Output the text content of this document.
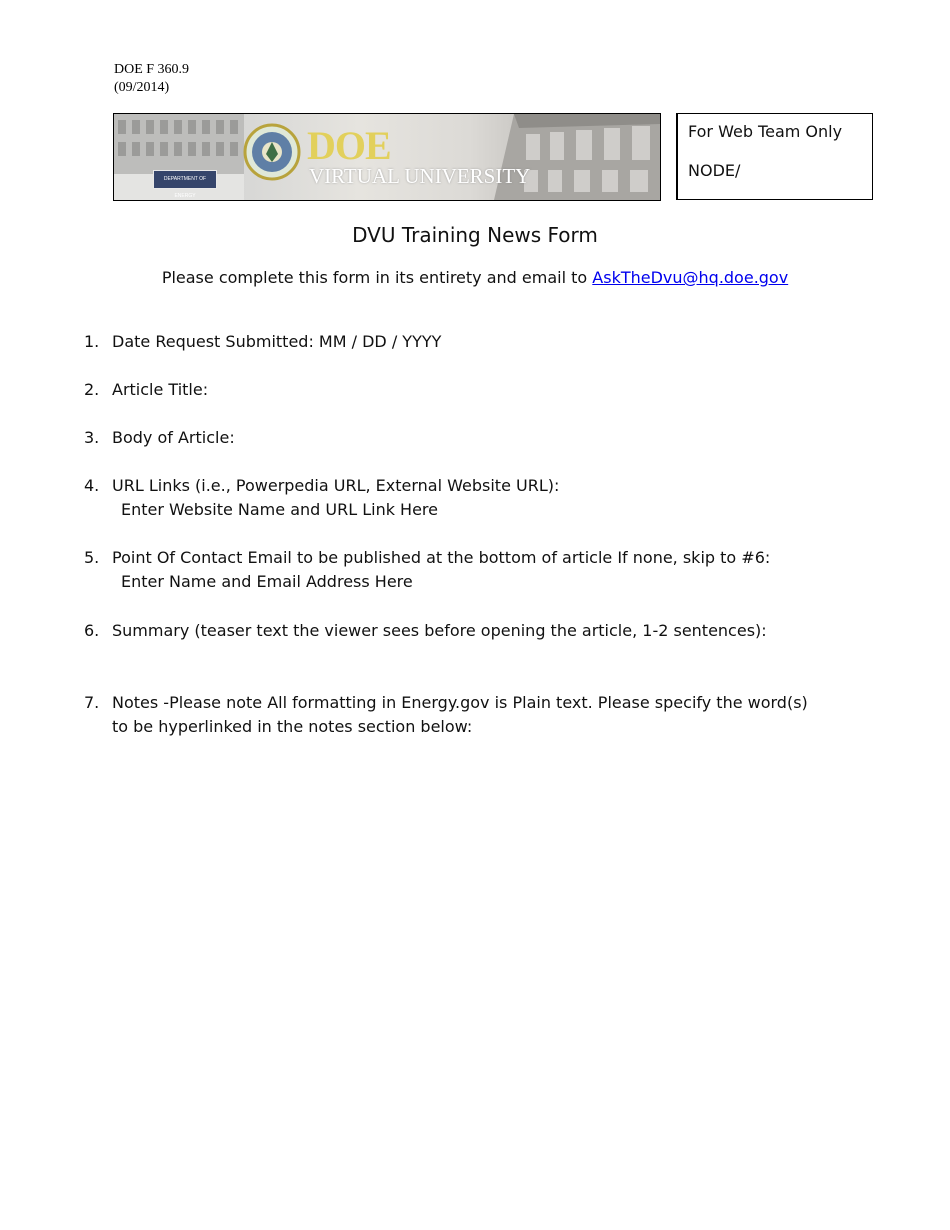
DOE F 360.9
(09/2014)
DEPARTMENT OF ENERGY
DOE
VIRTUAL UNIVERSITY
For Web Team Only
NODE/
DVU Training News Form
Please complete this form in its entirety and email to AskTheDvu@hq.doe.gov
1. Date Request Submitted: MM / DD / YYYY
2. Article Title:
3. Body of Article:
4. URL Links (i.e., Powerpedia URL, External Website URL):
Enter Website Name and URL Link Here
5. Point Of Contact Email to be published at the bottom of article If none, skip to #6:
Enter Name and Email Address Here
6. Summary (teaser text the viewer sees before opening the article, 1-2 sentences):
7. Notes -Please note All formatting in Energy.gov is Plain text. Please specify the word(s)
to be hyperlinked in the notes section below:
